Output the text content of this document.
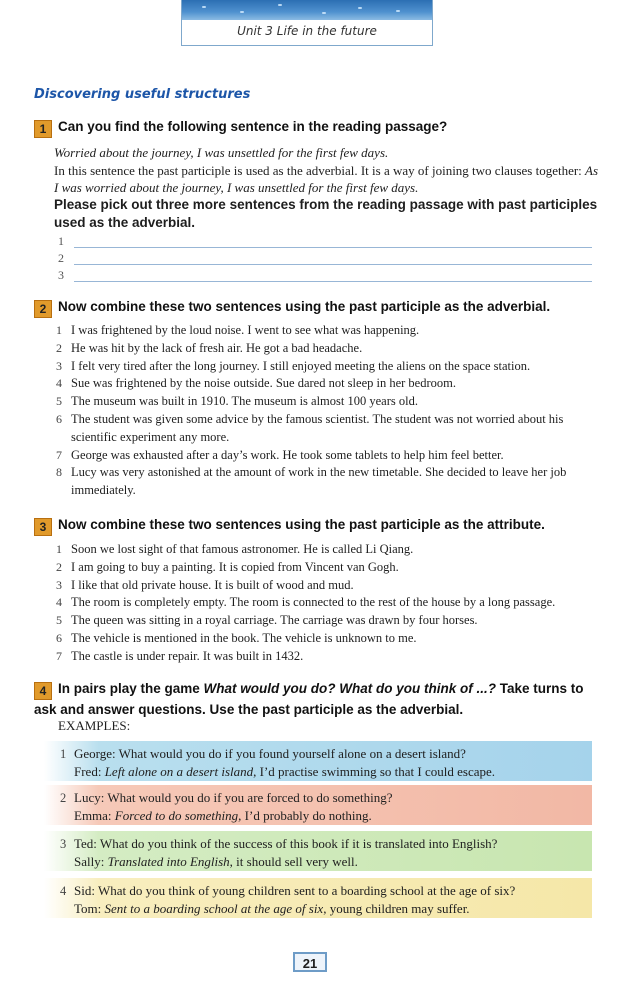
Unit 3 Life in the future
Discovering useful structures
1 Can you find the following sentence in the reading passage?
Worried about the journey, I was unsettled for the first few days.
In this sentence the past participle is used as the adverbial. It is a way of joining two clauses together: As I was worried about the journey, I was unsettled for the first few days.
Please pick out three more sentences from the reading passage with past participles used as the adverbial.
1
2
3
2 Now combine these two sentences using the past participle as the adverbial.
1 I was frightened by the loud noise. I went to see what was happening.
2 He was hit by the lack of fresh air. He got a bad headache.
3 I felt very tired after the long journey. I still enjoyed meeting the aliens on the space station.
4 Sue was frightened by the noise outside. Sue dared not sleep in her bedroom.
5 The museum was built in 1910. The museum is almost 100 years old.
6 The student was given some advice by the famous scientist. The student was not worried about his scientific experiment any more.
7 George was exhausted after a day’s work. He took some tablets to help him feel better.
8 Lucy was very astonished at the amount of work in the new timetable. She decided to leave her job immediately.
3 Now combine these two sentences using the past participle as the attribute.
1 Soon we lost sight of that famous astronomer. He is called Li Qiang.
2 I am going to buy a painting. It is copied from Vincent van Gogh.
3 I like that old private house. It is built of wood and mud.
4 The room is completely empty. The room is connected to the rest of the house by a long passage.
5 The queen was sitting in a royal carriage. The carriage was drawn by four horses.
6 The vehicle is mentioned in the book. The vehicle is unknown to me.
7 The castle is under repair. It was built in 1432.
4 In pairs play the game What would you do? What do you think of ...? Take turns to ask and answer questions. Use the past participle as the adverbial.
EXAMPLES:
1 George: What would you do if you found yourself alone on a desert island?
Fred: Left alone on a desert island, I’d practise swimming so that I could escape.
2 Lucy: What would you do if you are forced to do something?
Emma: Forced to do something, I’d probably do nothing.
3 Ted: What do you think of the success of this book if it is translated into English?
Sally: Translated into English, it should sell very well.
4 Sid: What do you think of young children sent to a boarding school at the age of six?
Tom: Sent to a boarding school at the age of six, young children may suffer.
21
